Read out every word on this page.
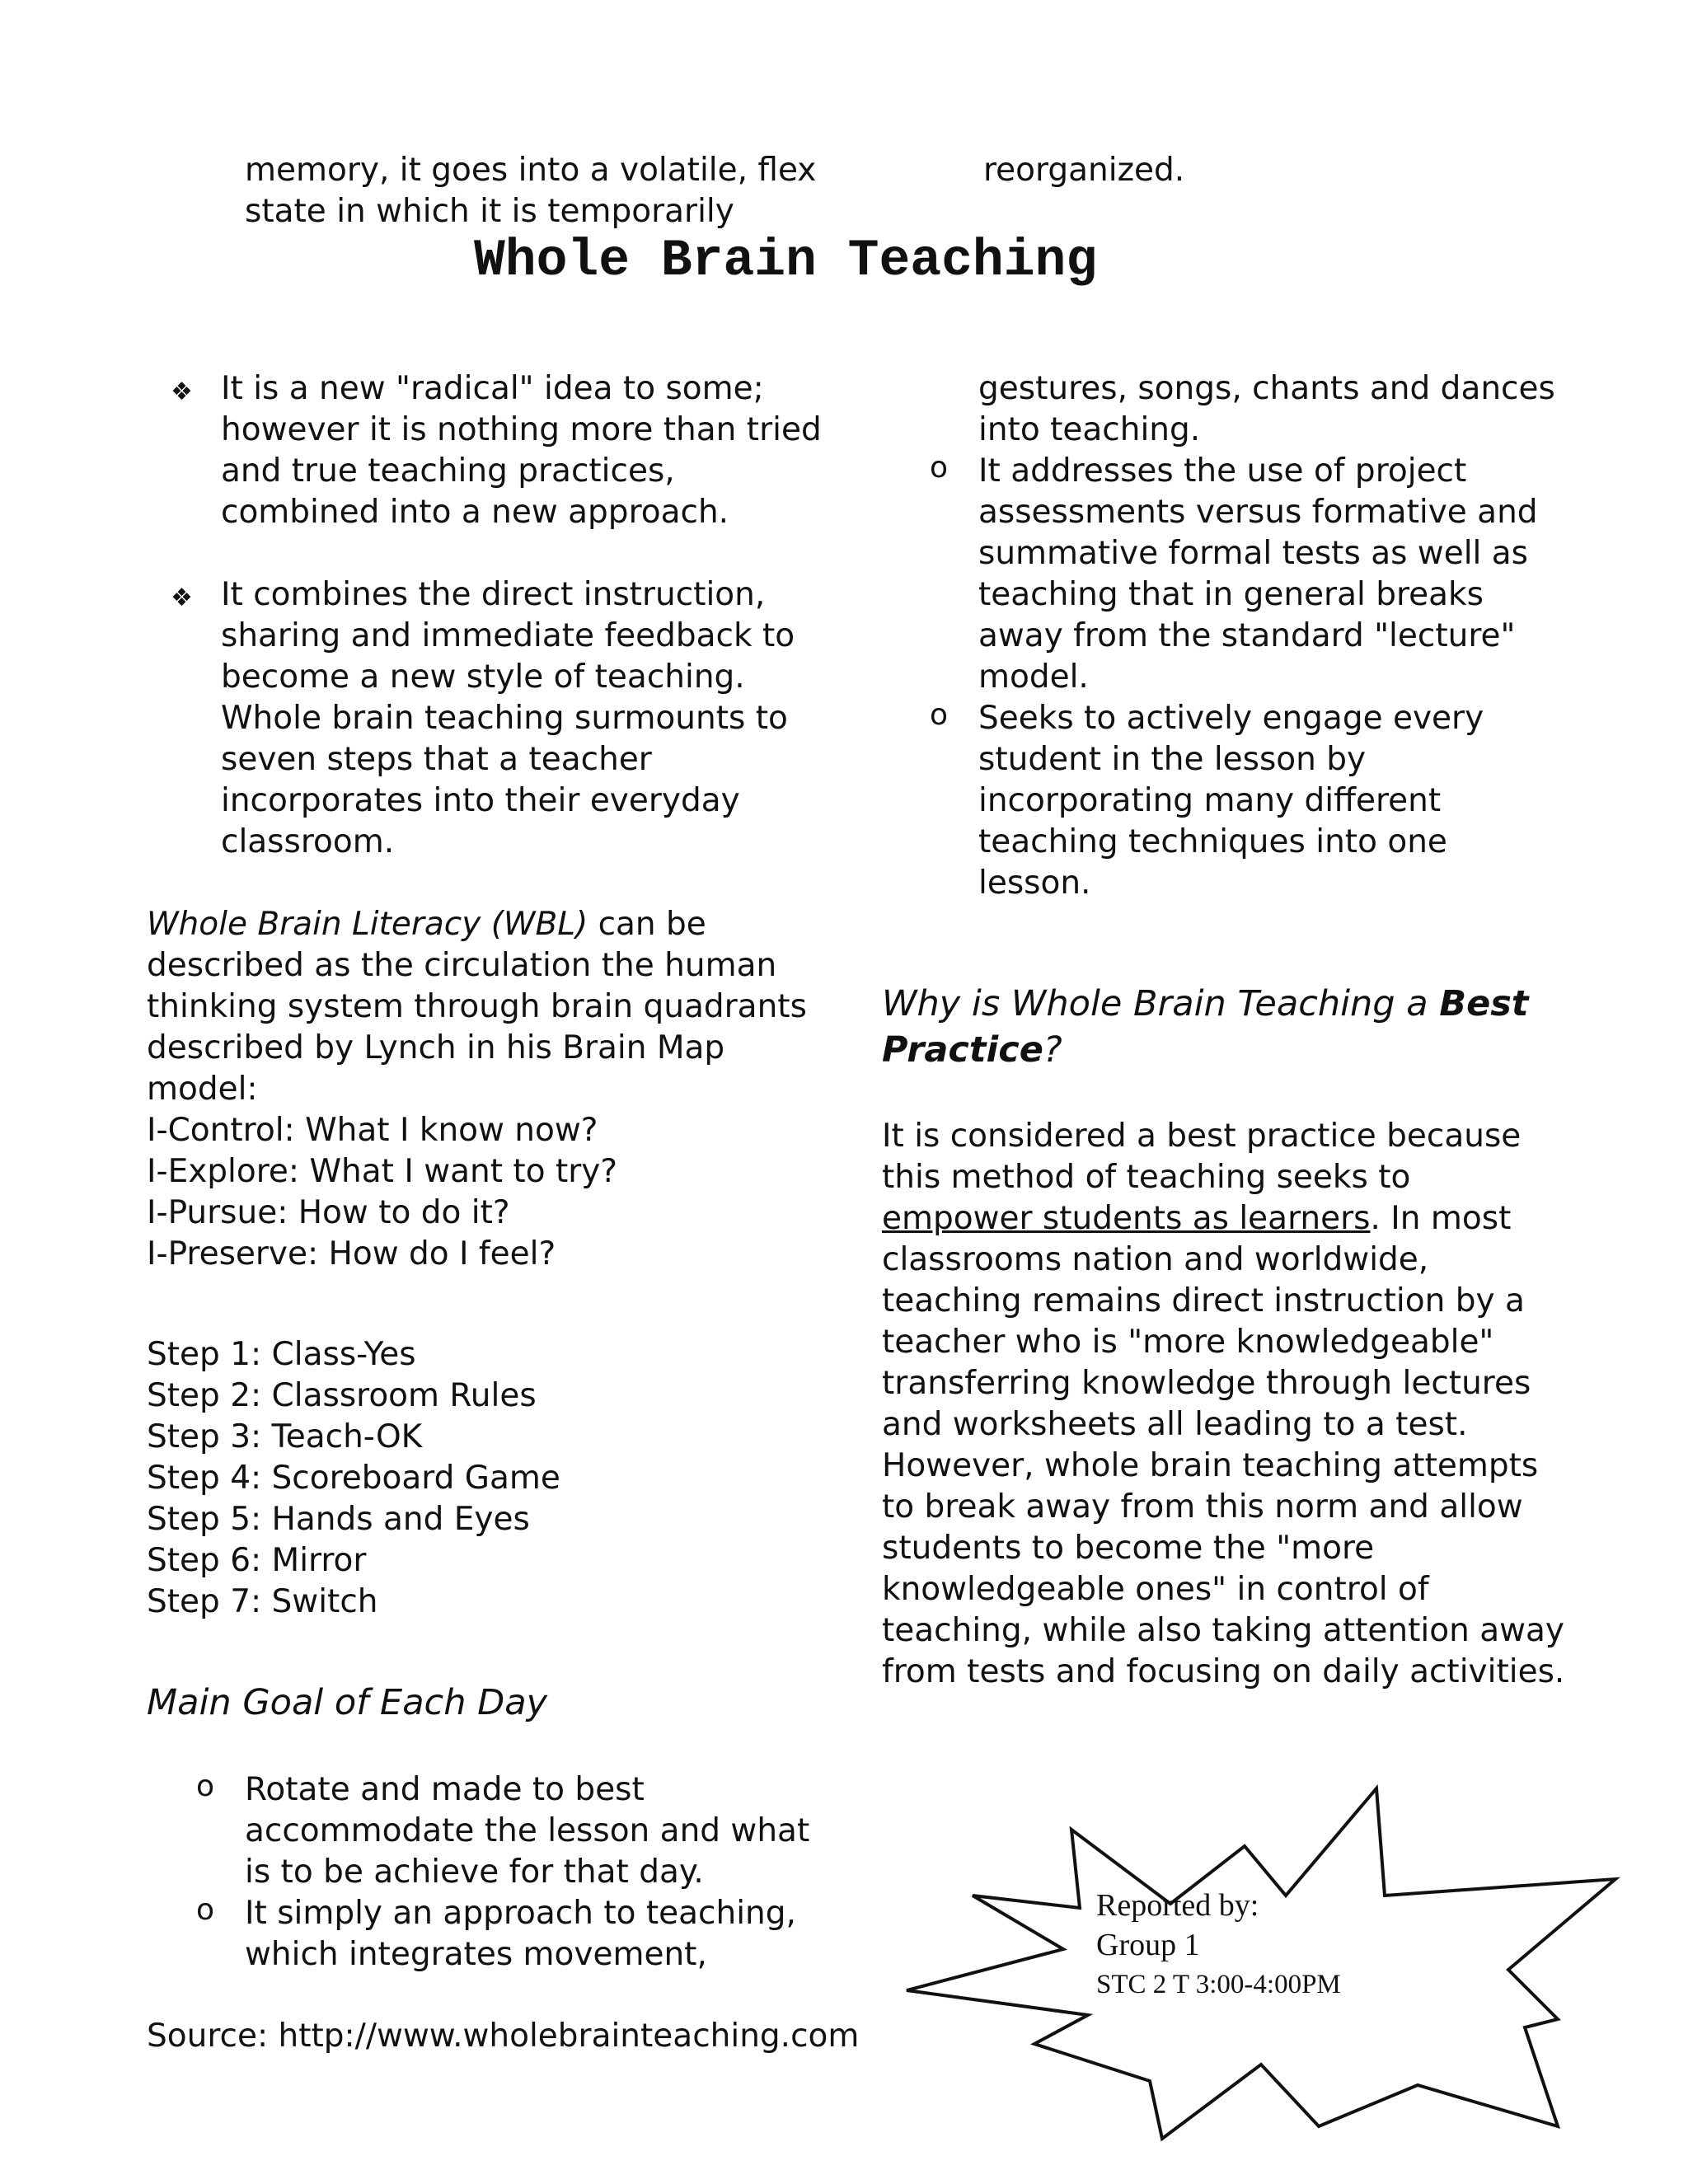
memory, it goes into a volatile, flex
state in which it is temporarily
reorganized.
Whole Brain Teaching
❖ It is a new "radical" idea to some;
however it is nothing more than tried
and true teaching practices,
combined into a new approach.
❖ It combines the direct instruction,
sharing and immediate feedback to
become a new style of teaching.
Whole brain teaching surmounts to
seven steps that a teacher
incorporates into their everyday
classroom.
Whole Brain Literacy (WBL) can be
described as the circulation the human
thinking system through brain quadrants
described by Lynch in his Brain Map
model:
I-Control: What I know now?
I-Explore: What I want to try?
I-Pursue: How to do it?
I-Preserve: How do I feel?
Step 1: Class-Yes
Step 2: Classroom Rules
Step 3: Teach-OK
Step 4: Scoreboard Game
Step 5: Hands and Eyes
Step 6: Mirror
Step 7: Switch
Main Goal of Each Day
o Rotate and made to best
accommodate the lesson and what
is to be achieve for that day.
o It simply an approach to teaching,
which integrates movement,
Source: http://www.wholebrainteaching.com
gestures, songs, chants and dances
into teaching.
o It addresses the use of project
assessments versus formative and
summative formal tests as well as
teaching that in general breaks
away from the standard "lecture"
model.
o Seeks to actively engage every
student in the lesson by
incorporating many different
teaching techniques into one
lesson.
Why is Whole Brain Teaching a Best
Practice?
It is considered a best practice because
this method of teaching seeks to
empower students as learners. In most
classrooms nation and worldwide,
teaching remains direct instruction by a
teacher who is "more knowledgeable"
transferring knowledge through lectures
and worksheets all leading to a test.
However, whole brain teaching attempts
to break away from this norm and allow
students to become the "more
knowledgeable ones" in control of
teaching, while also taking attention away
from tests and focusing on daily activities.
Reported by:
Group 1
STC 2 T 3:00-4:00PM
